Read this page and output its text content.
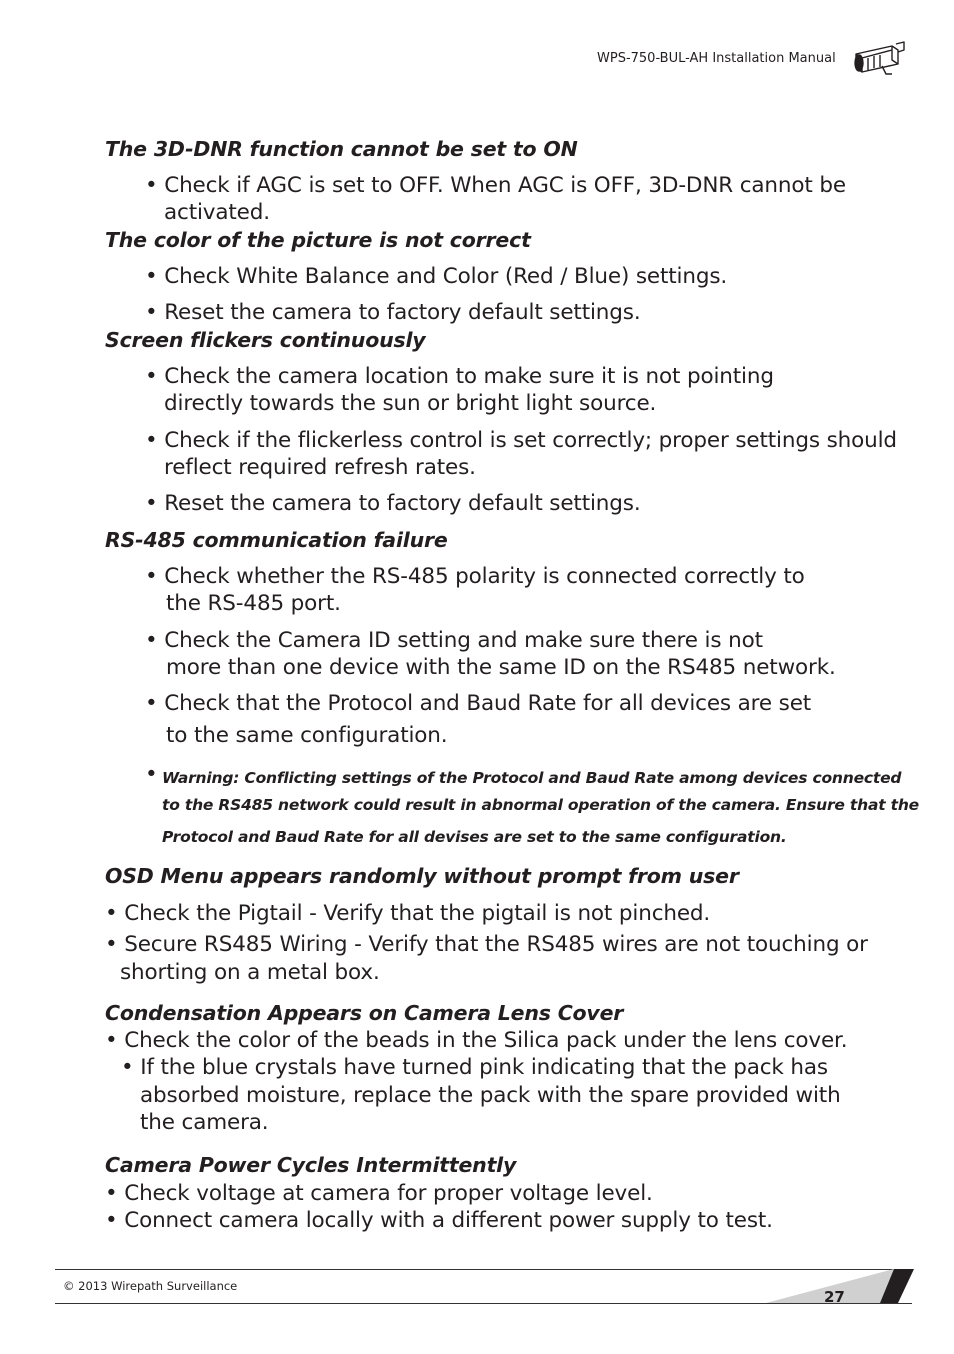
WPS-750-BUL-AH Installation Manual
The 3D-DNR function cannot be set to ON
• Check if AGC is set to OFF. When AGC is OFF, 3D-DNR cannot be
activated.
The color of the picture is not correct
• Check White Balance and Color (Red / Blue) settings.
• Reset the camera to factory default settings.
Screen flickers continuously
• Check the camera location to make sure it is not pointing
directly towards the sun or bright light source.
• Check if the flickerless control is set correctly; proper settings should
reflect required refresh rates.
• Reset the camera to factory default settings.
RS-485 communication failure
• Check whether the RS-485 polarity is connected correctly to
the RS-485 port.
• Check the Camera ID setting and make sure there is not
more than one device with the same ID on the RS485 network.
• Check that the Protocol and Baud Rate for all devices are set
to the same configuration.
• Warning: Conflicting settings of the Protocol and Baud Rate among devices connected
to the RS485 network could result in abnormal operation of the camera. Ensure that the
Protocol and Baud Rate for all devises are set to the same configuration.
OSD Menu appears randomly without prompt from user
• Check the Pigtail - Verify that the pigtail is not pinched.
• Secure RS485 Wiring - Verify that the RS485 wires are not touching or
shorting on a metal box.
Condensation Appears on Camera Lens Cover
• Check the color of the beads in the Silica pack under the lens cover.
• If the blue crystals have turned pink indicating that the pack has
absorbed moisture, replace the pack with the spare provided with
the camera.
Camera Power Cycles Intermittently
• Check voltage at camera for proper voltage level.
• Connect camera locally with a different power supply to test.
© 2013 Wirepath Surveillance
27
